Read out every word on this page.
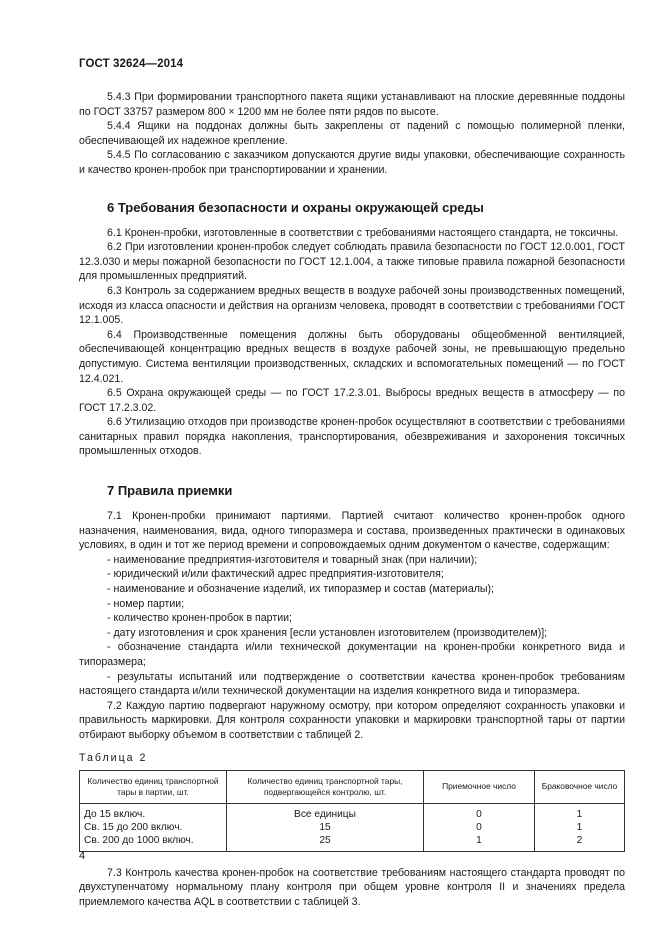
ГОСТ 32624—2014

5.4.3 При формировании транспортного пакета ящики устанавливают на плоские деревянные поддоны по ГОСТ 33757 размером 800 × 1200 мм не более пяти рядов по высоте.

5.4.4 Ящики на поддонах должны быть закреплены от падений с помощью полимерной пленки, обеспечивающей их надежное крепление.

5.4.5 По согласованию с заказчиком допускаются другие виды упаковки, обеспечивающие сохранность и качество кронен-пробок при транспортировании и хранении.

6 Требования безопасности и охраны окружающей среды

6.1 Кронен-пробки, изготовленные в соответствии с требованиями настоящего стандарта, не токсичны.

6.2 При изготовлении кронен-пробок следует соблюдать правила безопасности по ГОСТ 12.0.001, ГОСТ 12.3.030 и меры пожарной безопасности по ГОСТ 12.1.004, а также типовые правила пожарной безопасности для промышленных предприятий.

6.3 Контроль за содержанием вредных веществ в воздухе рабочей зоны производственных помещений, исходя из класса опасности и действия на организм человека, проводят в соответствии с требованиями ГОСТ 12.1.005.

6.4 Производственные помещения должны быть оборудованы общеобменной вентиляцией, обеспечивающей концентрацию вредных веществ в воздухе рабочей зоны, не превышающую предельно допустимую. Система вентиляции производственных, складских и вспомогательных помещений — по ГОСТ 12.4.021.

6.5 Охрана окружающей среды — по ГОСТ 17.2.3.01. Выбросы вредных веществ в атмосферу — по ГОСТ 17.2.3.02.

6.6 Утилизацию отходов при производстве кронен-пробок осуществляют в соответствии с требованиями санитарных правил порядка накопления, транспортирования, обезвреживания и захоронения токсичных промышленных отходов.

7 Правила приемки

7.1 Кронен-пробки принимают партиями. Партией считают количество кронен-пробок одного назначения, наименования, вида, одного типоразмера и состава, произведенных практически в одинаковых условиях, в один и тот же период времени и сопровождаемых одним документом о качестве, содержащим:

- наименование предприятия-изготовителя и товарный знак (при наличии);

- юридический и/или фактический адрес предприятия-изготовителя;

- наименование и обозначение изделий, их типоразмер и состав (материалы);

- номер партии;

- количество кронен-пробок в партии;

- дату изготовления и срок хранения [если установлен изготовителем (производителем)];

- обозначение стандарта и/или технической документации на кронен-пробки конкретного вида и типоразмера;

- результаты испытаний или подтверждение о соответствии качества кронен-пробок требованиям настоящего стандарта и/или технической документации на изделия конкретного вида и типоразмера.

7.2 Каждую партию подвергают наружному осмотру, при котором определяют сохранность упаковки и правильность маркировки. Для контроля сохранности упаковки и маркировки транспортной тары от партии отбирают выборку объемом в соответствии с таблицей 2.

Таблица 2
Количество единиц транспортной тары в партии, шт.	Количество единиц транспортной тары, подвергающейся контролю, шт.	Приемочное число	Браковочное число
До 15 включ.	Все единицы	0	1
Св. 15 до 200 включ.	15	0	1
Св. 200 до 1000 включ.	25	1	2

7.3 Контроль качества кронен-пробок на соответствие требованиям настоящего стандарта проводят по двухступенчатому нормальному плану контроля при общем уровне контроля II и значениях предела приемлемого качества AQL в соответствии с таблицей 3.

4
